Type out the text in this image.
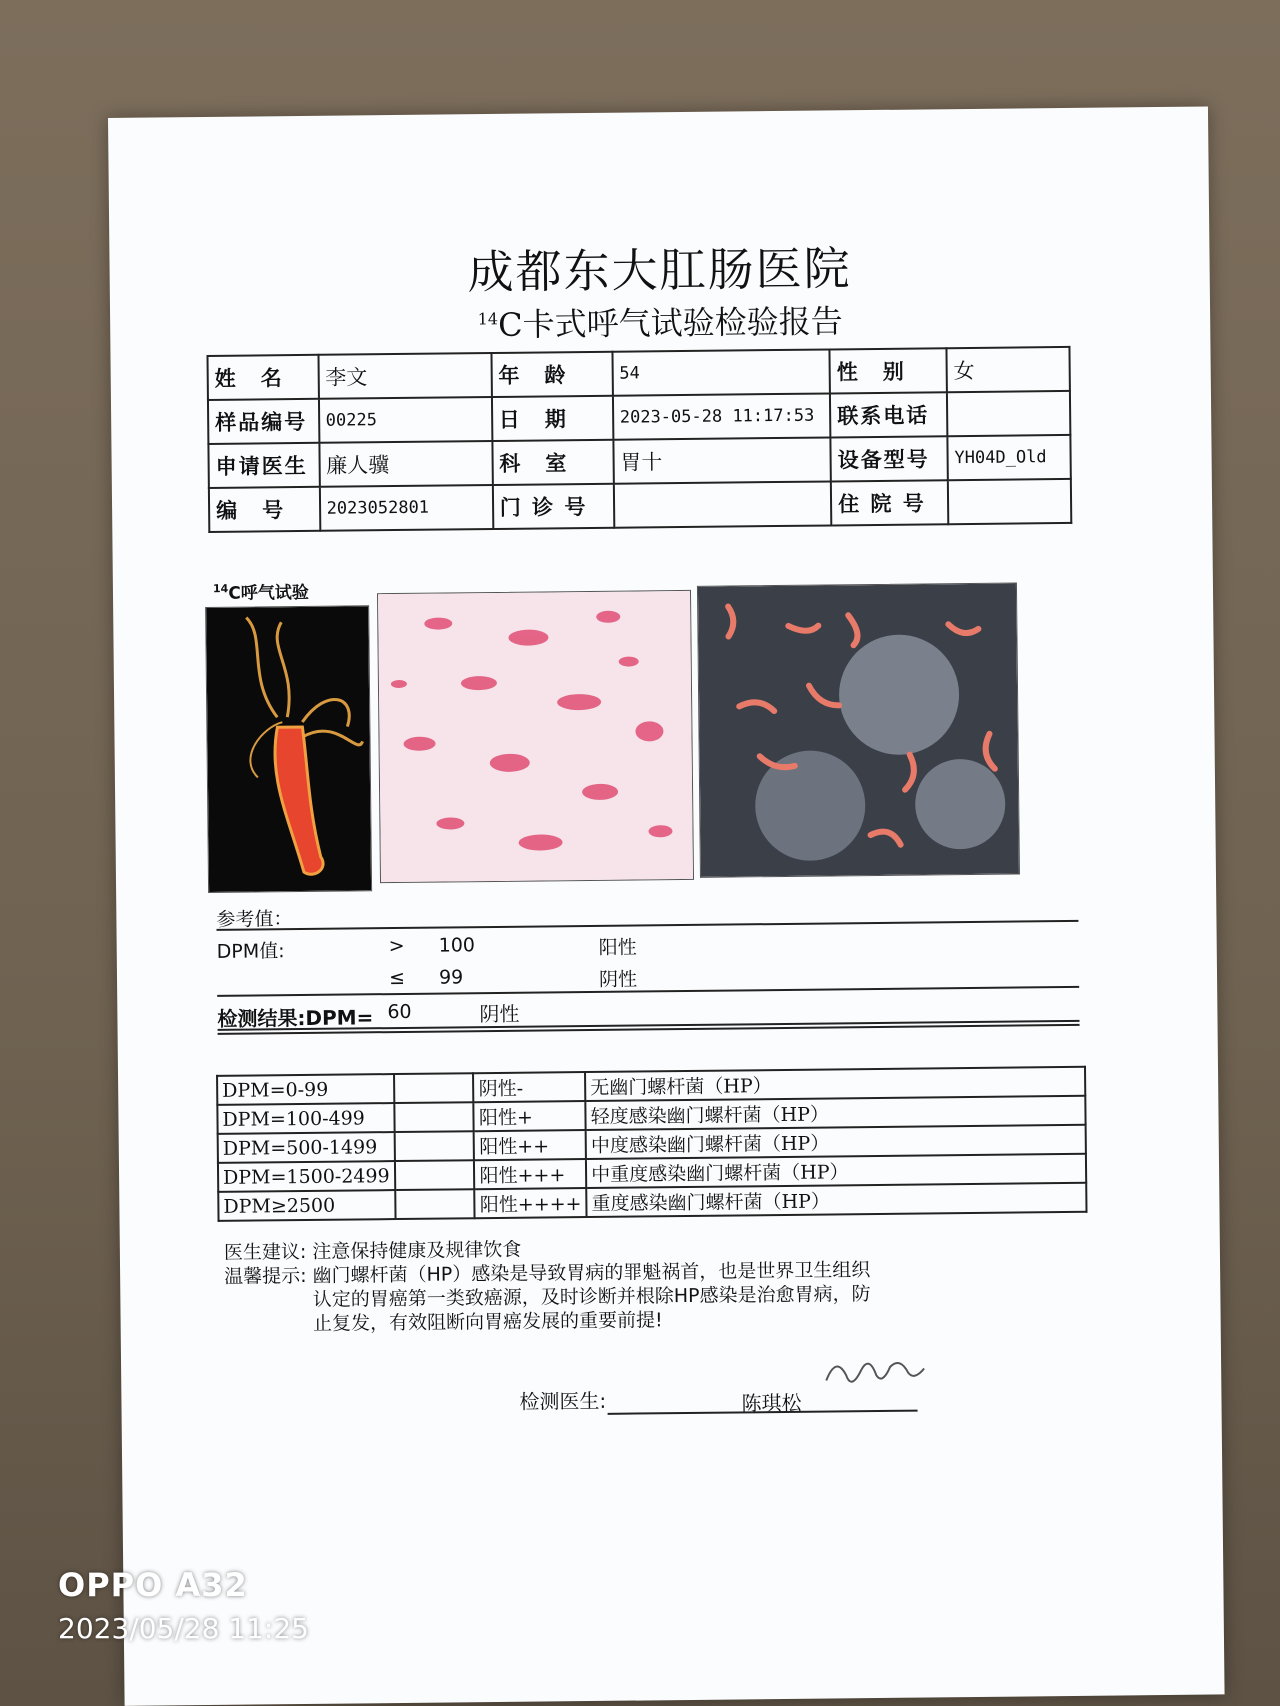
成都东大肛肠医院
$^{14}$C卡式呼气试验检验报告
姓　名	李文	年　龄	54	性　别	女
样品编号	00225	日　期	2023-05-28 11:17:53	联系电话	
申请医生	廉人骥	科　室	胃十	设备型号	YH04D_Old
编　号	2023052801	门 诊 号		住 院 号	
$^{14}$C呼气试验
参考值：
DPM值:	> 100	阳性
≤ 99	阴性
检测结果:DPM= 60	阴性
DPM=0-99		阴性-	无幽门螺杆菌（HP）
DPM=100-499		阳性+	轻度感染幽门螺杆菌（HP）
DPM=500-1499		阳性++	中度感染幽门螺杆菌（HP）
DPM=1500-2499		阳性+++	中重度感染幽门螺杆菌（HP）
DPM≥2500		阳性++++	重度感染幽门螺杆菌（HP）
医生建议: 注意保持健康及规律饮食
温馨提示: 幽门螺杆菌（HP）感染是导致胃病的罪魁祸首，也是世界卫生组织
认定的胃癌第一类致癌源，及时诊断并根除HP感染是治愈胃病，防
止复发，有效阻断向胃癌发展的重要前提!
检测医生:	陈琪松
OPPO A32
2023/05/28 11:25
